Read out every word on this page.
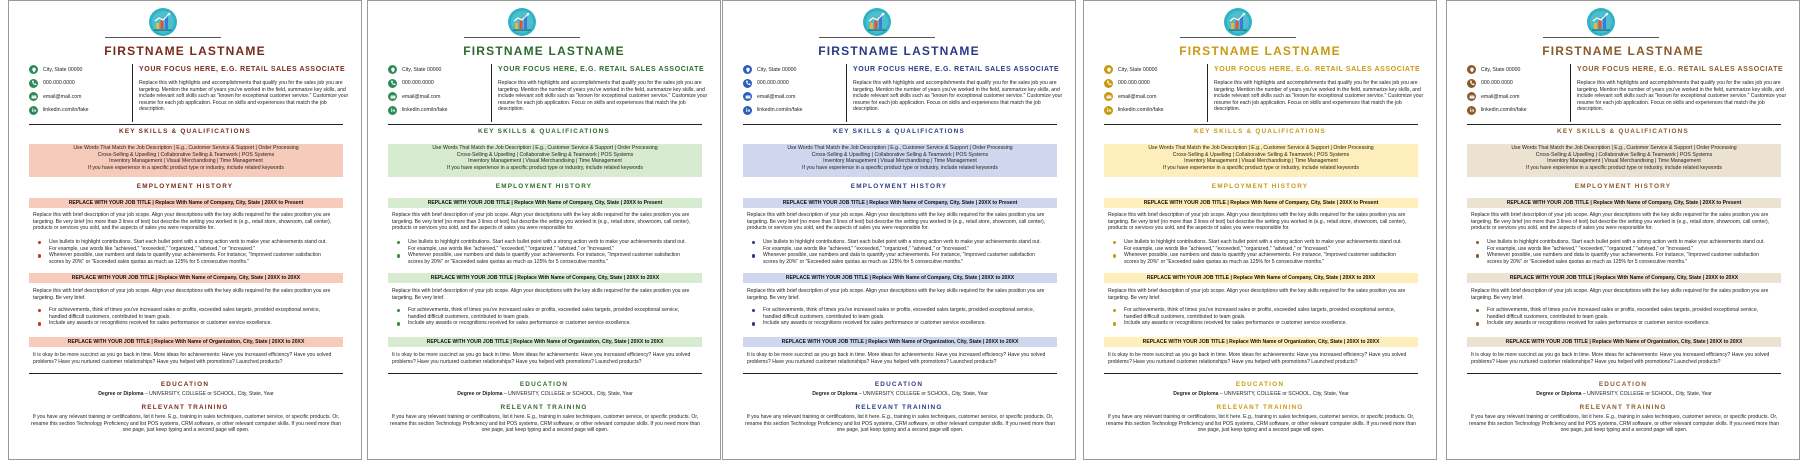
FIRSTNAME LASTNAME
City, State 00000
000.000.0000
email@mail.com
linkedin.com/in/fake
YOUR FOCUS HERE, E.G. RETAIL SALES ASSOCIATE
Replace this with highlights and accomplishments that qualify you for the sales job you are targeting. Mention the number of years you've worked in the field, summarize key skills, and include relevant soft skills such as "known for exceptional customer service." Customize your resume for each job application. Focus on skills and experiences that match the job description.
KEY SKILLS & QUALIFICATIONS
Use Words That Match the Job Description | E.g., Customer Service & Support | Order Processing
Cross-Selling & Upselling | Collaborative Selling & Teamwork | POS Systems
Inventory Management | Visual Merchandising | Time Management
If you have experience in a specific product type or industry, include related keywords
EMPLOYMENT HISTORY
REPLACE WITH YOUR JOB TITLE | Replace With Name of Company, City, State | 20XX to Present
Replace this with brief description of your job scope. Align your descriptions with the key skills required for the sales position you are targeting. Be very brief (no more than 3 lines of text) but describe the setting you worked in (e.g., retail store, showroom, call center), products or services you sold, and the aspects of sales you were responsible for.
Use bullets to highlight contributions. Start each bullet point with a strong action verb to make your achievements stand out. For example, use words like "achieved," "exceeded," "organized," "advised," or "increased."
Whenever possible, use numbers and data to quantify your achievements. For instance, "Improved customer satisfaction scores by 20%" or "Exceeded sales quotas as much as 125% for 5 consecutive months."
REPLACE WITH YOUR JOB TITLE | Replace With Name of Company, City, State | 20XX to 20XX
Replace this with brief description of your job scope. Align your descriptions with the key skills required for the sales position you are targeting. Be very brief.
For achievements, think of times you've increased sales or profits, exceeded sales targets, provided exceptional service, handled difficult customers, contributed to team goals.
Include any awards or recognitions received for sales performance or customer service excellence.
REPLACE WITH YOUR JOB TITLE | Replace With Name of Organization, City, State | 20XX to 20XX
It is okay to be more succinct as you go back in time. More ideas for achievements: Have you increased efficiency? Have you solved problems? Have you nurtured customer relationships? Have you helped with promotions? Launched products?
EDUCATION
Degree or Diploma – UNIVERSITY, COLLEGE or SCHOOL, City, State, Year
RELEVANT TRAINING
If you have any relevant training or certifications, list it here. E.g., training in sales techniques, customer service, or specific products. Or, rename this section Technology Proficiency and list POS systems, CRM software, or other relevant computer skills. If you need more than one page, just keep typing and a second page will open.
FIRSTNAME LASTNAME
City, State 00000
000.000.0000
email@mail.com
linkedin.com/in/fake
YOUR FOCUS HERE, E.G. RETAIL SALES ASSOCIATE
Replace this with highlights and accomplishments that qualify you for the sales job you are targeting. Mention the number of years you've worked in the field, summarize key skills, and include relevant soft skills such as "known for exceptional customer service." Customize your resume for each job application. Focus on skills and experiences that match the job description.
KEY SKILLS & QUALIFICATIONS
Use Words That Match the Job Description | E.g., Customer Service & Support | Order Processing
Cross-Selling & Upselling | Collaborative Selling & Teamwork | POS Systems
Inventory Management | Visual Merchandising | Time Management
If you have experience in a specific product type or industry, include related keywords
EMPLOYMENT HISTORY
REPLACE WITH YOUR JOB TITLE | Replace With Name of Company, City, State | 20XX to Present
Replace this with brief description of your job scope. Align your descriptions with the key skills required for the sales position you are targeting. Be very brief (no more than 3 lines of text) but describe the setting you worked in (e.g., retail store, showroom, call center), products or services you sold, and the aspects of sales you were responsible for.
Use bullets to highlight contributions. Start each bullet point with a strong action verb to make your achievements stand out. For example, use words like "achieved," "exceeded," "organized," "advised," or "increased."
Whenever possible, use numbers and data to quantify your achievements. For instance, "Improved customer satisfaction scores by 20%" or "Exceeded sales quotas as much as 125% for 5 consecutive months."
REPLACE WITH YOUR JOB TITLE | Replace With Name of Company, City, State | 20XX to 20XX
Replace this with brief description of your job scope. Align your descriptions with the key skills required for the sales position you are targeting. Be very brief.
For achievements, think of times you've increased sales or profits, exceeded sales targets, provided exceptional service, handled difficult customers, contributed to team goals.
Include any awards or recognitions received for sales performance or customer service excellence.
REPLACE WITH YOUR JOB TITLE | Replace With Name of Organization, City, State | 20XX to 20XX
It is okay to be more succinct as you go back in time. More ideas for achievements: Have you increased efficiency? Have you solved problems? Have you nurtured customer relationships? Have you helped with promotions? Launched products?
EDUCATION
Degree or Diploma – UNIVERSITY, COLLEGE or SCHOOL, City, State, Year
RELEVANT TRAINING
If you have any relevant training or certifications, list it here. E.g., training in sales techniques, customer service, or specific products. Or, rename this section Technology Proficiency and list POS systems, CRM software, or other relevant computer skills. If you need more than one page, just keep typing and a second page will open.
FIRSTNAME LASTNAME
City, State 00000
000.000.0000
email@mail.com
linkedin.com/in/fake
YOUR FOCUS HERE, E.G. RETAIL SALES ASSOCIATE
Replace this with highlights and accomplishments that qualify you for the sales job you are targeting. Mention the number of years you've worked in the field, summarize key skills, and include relevant soft skills such as "known for exceptional customer service." Customize your resume for each job application. Focus on skills and experiences that match the job description.
KEY SKILLS & QUALIFICATIONS
Use Words That Match the Job Description | E.g., Customer Service & Support | Order Processing
Cross-Selling & Upselling | Collaborative Selling & Teamwork | POS Systems
Inventory Management | Visual Merchandising | Time Management
If you have experience in a specific product type or industry, include related keywords
EMPLOYMENT HISTORY
REPLACE WITH YOUR JOB TITLE | Replace With Name of Company, City, State | 20XX to Present
Replace this with brief description of your job scope. Align your descriptions with the key skills required for the sales position you are targeting. Be very brief (no more than 3 lines of text) but describe the setting you worked in (e.g., retail store, showroom, call center), products or services you sold, and the aspects of sales you were responsible for.
Use bullets to highlight contributions. Start each bullet point with a strong action verb to make your achievements stand out. For example, use words like "achieved," "exceeded," "organized," "advised," or "increased."
Whenever possible, use numbers and data to quantify your achievements. For instance, "Improved customer satisfaction scores by 20%" or "Exceeded sales quotas as much as 125% for 5 consecutive months."
REPLACE WITH YOUR JOB TITLE | Replace With Name of Company, City, State | 20XX to 20XX
Replace this with brief description of your job scope. Align your descriptions with the key skills required for the sales position you are targeting. Be very brief.
For achievements, think of times you've increased sales or profits, exceeded sales targets, provided exceptional service, handled difficult customers, contributed to team goals.
Include any awards or recognitions received for sales performance or customer service excellence.
REPLACE WITH YOUR JOB TITLE | Replace With Name of Organization, City, State | 20XX to 20XX
It is okay to be more succinct as you go back in time. More ideas for achievements: Have you increased efficiency? Have you solved problems? Have you nurtured customer relationships? Have you helped with promotions? Launched products?
EDUCATION
Degree or Diploma – UNIVERSITY, COLLEGE or SCHOOL, City, State, Year
RELEVANT TRAINING
If you have any relevant training or certifications, list it here. E.g., training in sales techniques, customer service, or specific products. Or, rename this section Technology Proficiency and list POS systems, CRM software, or other relevant computer skills. If you need more than one page, just keep typing and a second page will open.
FIRSTNAME LASTNAME
City, State 00000
000.000.0000
email@mail.com
linkedin.com/in/fake
YOUR FOCUS HERE, E.G. RETAIL SALES ASSOCIATE
Replace this with highlights and accomplishments that qualify you for the sales job you are targeting. Mention the number of years you've worked in the field, summarize key skills, and include relevant soft skills such as "known for exceptional customer service." Customize your resume for each job application. Focus on skills and experiences that match the job description.
KEY SKILLS & QUALIFICATIONS
Use Words That Match the Job Description | E.g., Customer Service & Support | Order Processing
Cross-Selling & Upselling | Collaborative Selling & Teamwork | POS Systems
Inventory Management | Visual Merchandising | Time Management
If you have experience in a specific product type or industry, include related keywords
EMPLOYMENT HISTORY
REPLACE WITH YOUR JOB TITLE | Replace With Name of Company, City, State | 20XX to Present
Replace this with brief description of your job scope. Align your descriptions with the key skills required for the sales position you are targeting. Be very brief (no more than 3 lines of text) but describe the setting you worked in (e.g., retail store, showroom, call center), products or services you sold, and the aspects of sales you were responsible for.
Use bullets to highlight contributions. Start each bullet point with a strong action verb to make your achievements stand out. For example, use words like "achieved," "exceeded," "organized," "advised," or "increased."
Whenever possible, use numbers and data to quantify your achievements. For instance, "Improved customer satisfaction scores by 20%" or "Exceeded sales quotas as much as 125% for 5 consecutive months."
REPLACE WITH YOUR JOB TITLE | Replace With Name of Company, City, State | 20XX to 20XX
Replace this with brief description of your job scope. Align your descriptions with the key skills required for the sales position you are targeting. Be very brief.
For achievements, think of times you've increased sales or profits, exceeded sales targets, provided exceptional service, handled difficult customers, contributed to team goals.
Include any awards or recognitions received for sales performance or customer service excellence.
REPLACE WITH YOUR JOB TITLE | Replace With Name of Organization, City, State | 20XX to 20XX
It is okay to be more succinct as you go back in time. More ideas for achievements: Have you increased efficiency? Have you solved problems? Have you nurtured customer relationships? Have you helped with promotions? Launched products?
EDUCATION
Degree or Diploma – UNIVERSITY, COLLEGE or SCHOOL, City, State, Year
RELEVANT TRAINING
If you have any relevant training or certifications, list it here. E.g., training in sales techniques, customer service, or specific products. Or, rename this section Technology Proficiency and list POS systems, CRM software, or other relevant computer skills. If you need more than one page, just keep typing and a second page will open.
FIRSTNAME LASTNAME
City, State 00000
000.000.0000
email@mail.com
linkedin.com/in/fake
YOUR FOCUS HERE, E.G. RETAIL SALES ASSOCIATE
Replace this with highlights and accomplishments that qualify you for the sales job you are targeting. Mention the number of years you've worked in the field, summarize key skills, and include relevant soft skills such as "known for exceptional customer service." Customize your resume for each job application. Focus on skills and experiences that match the job description.
KEY SKILLS & QUALIFICATIONS
Use Words That Match the Job Description | E.g., Customer Service & Support | Order Processing
Cross-Selling & Upselling | Collaborative Selling & Teamwork | POS Systems
Inventory Management | Visual Merchandising | Time Management
If you have experience in a specific product type or industry, include related keywords
EMPLOYMENT HISTORY
REPLACE WITH YOUR JOB TITLE | Replace With Name of Company, City, State | 20XX to Present
Replace this with brief description of your job scope. Align your descriptions with the key skills required for the sales position you are targeting. Be very brief (no more than 3 lines of text) but describe the setting you worked in (e.g., retail store, showroom, call center), products or services you sold, and the aspects of sales you were responsible for.
Use bullets to highlight contributions. Start each bullet point with a strong action verb to make your achievements stand out. For example, use words like "achieved," "exceeded," "organized," "advised," or "increased."
Whenever possible, use numbers and data to quantify your achievements. For instance, "Improved customer satisfaction scores by 20%" or "Exceeded sales quotas as much as 125% for 5 consecutive months."
REPLACE WITH YOUR JOB TITLE | Replace With Name of Company, City, State | 20XX to 20XX
Replace this with brief description of your job scope. Align your descriptions with the key skills required for the sales position you are targeting. Be very brief.
For achievements, think of times you've increased sales or profits, exceeded sales targets, provided exceptional service, handled difficult customers, contributed to team goals.
Include any awards or recognitions received for sales performance or customer service excellence.
REPLACE WITH YOUR JOB TITLE | Replace With Name of Organization, City, State | 20XX to 20XX
It is okay to be more succinct as you go back in time. More ideas for achievements: Have you increased efficiency? Have you solved problems? Have you nurtured customer relationships? Have you helped with promotions? Launched products?
EDUCATION
Degree or Diploma – UNIVERSITY, COLLEGE or SCHOOL, City, State, Year
RELEVANT TRAINING
If you have any relevant training or certifications, list it here. E.g., training in sales techniques, customer service, or specific products. Or, rename this section Technology Proficiency and list POS systems, CRM software, or other relevant computer skills. If you need more than one page, just keep typing and a second page will open.
